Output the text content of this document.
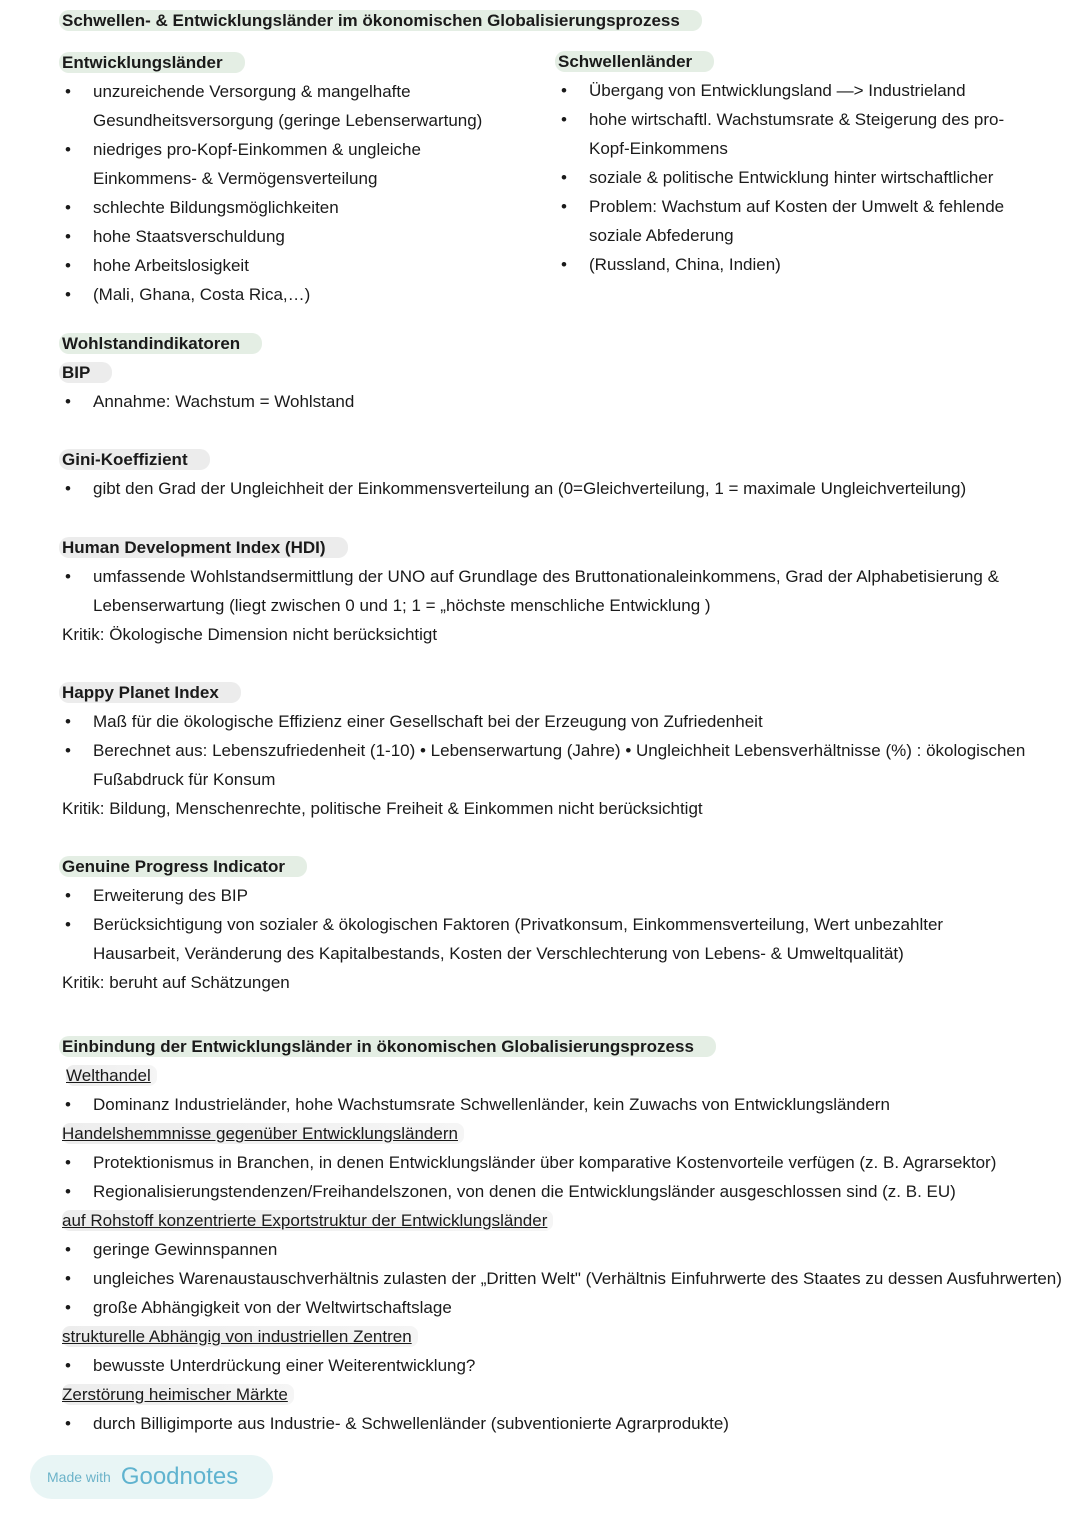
Schwellen- & Entwicklungsländer im ökonomischen Globalisierungsprozess
Entwicklungsländer
• unzureichende Versorgung & mangelhafte Gesundheitsversorgung (geringe Lebenserwartung)
• niedriges pro-Kopf-Einkommen & ungleiche Einkommens- & Vermögensverteilung
• schlechte Bildungsmöglichkeiten
• hohe Staatsverschuldung
• hohe Arbeitslosigkeit
• (Mali, Ghana, Costa Rica,…)
Schwellenländer
• Übergang von Entwicklungsland —> Industrieland
• hohe wirtschaftl. Wachstumsrate & Steigerung des pro-Kopf-Einkommens
• soziale & politische Entwicklung hinter wirtschaftlicher
• Problem: Wachstum auf Kosten der Umwelt & fehlende soziale Abfederung
• (Russland, China, Indien)
Wohlstandindikatoren
BIP
• Annahme: Wachstum = Wohlstand
Gini-Koeffizient
• gibt den Grad der Ungleichheit der Einkommensverteilung an (0=Gleichverteilung, 1 = maximale Ungleichverteilung)
Human Development Index (HDI)
• umfassende Wohlstandsermittlung der UNO auf Grundlage des Bruttonationaleinkommens, Grad der Alphabetisierung & Lebenserwartung (liegt zwischen 0 und 1; 1 = „höchste menschliche Entwicklung )
Kritik: Ökologische Dimension nicht berücksichtigt
Happy Planet Index
• Maß für die ökologische Effizienz einer Gesellschaft bei der Erzeugung von Zufriedenheit
• Berechnet aus: Lebenszufriedenheit (1-10) • Lebenserwartung (Jahre) • Ungleichheit Lebensverhältnisse (%) : ökologischen Fußabdruck für Konsum
Kritik: Bildung, Menschenrechte, politische Freiheit & Einkommen nicht berücksichtigt
Genuine Progress Indicator
• Erweiterung des BIP
• Berücksichtigung von sozialer & ökologischen Faktoren (Privatkonsum, Einkommensverteilung, Wert unbezahlter Hausarbeit, Veränderung des Kapitalbestands, Kosten der Verschlechterung von Lebens- & Umweltqualität)
Kritik: beruht auf Schätzungen
Einbindung der Entwicklungsländer in ökonomischen Globalisierungsprozess
Welthandel
• Dominanz Industrieländer, hohe Wachstumsrate Schwellenländer, kein Zuwachs von Entwicklungsländern
Handelshemmnisse gegenüber Entwicklungsländern
• Protektionismus in Branchen, in denen Entwicklungsländer über komparative Kostenvorteile verfügen (z. B. Agrarsektor)
• Regionalisierungstendenzen/Freihandelszonen, von denen die Entwicklungsländer ausgeschlossen sind (z. B. EU)
auf Rohstoff konzentrierte Exportstruktur der Entwicklungsländer
• geringe Gewinnspannen
• ungleiches Warenaustauschverhältnis zulasten der „Dritten Welt" (Verhältnis Einfuhrwerte des Staates zu dessen Ausfuhrwerten)
• große Abhängigkeit von der Weltwirtschaftslage
strukturelle Abhängig von industriellen Zentren
• bewusste Unterdrückung einer Weiterentwicklung?
Zerstörung heimischer Märkte
• durch Billigimporte aus Industrie- & Schwellenländer (subventionierte Agrarprodukte)
Made with Goodnotes
